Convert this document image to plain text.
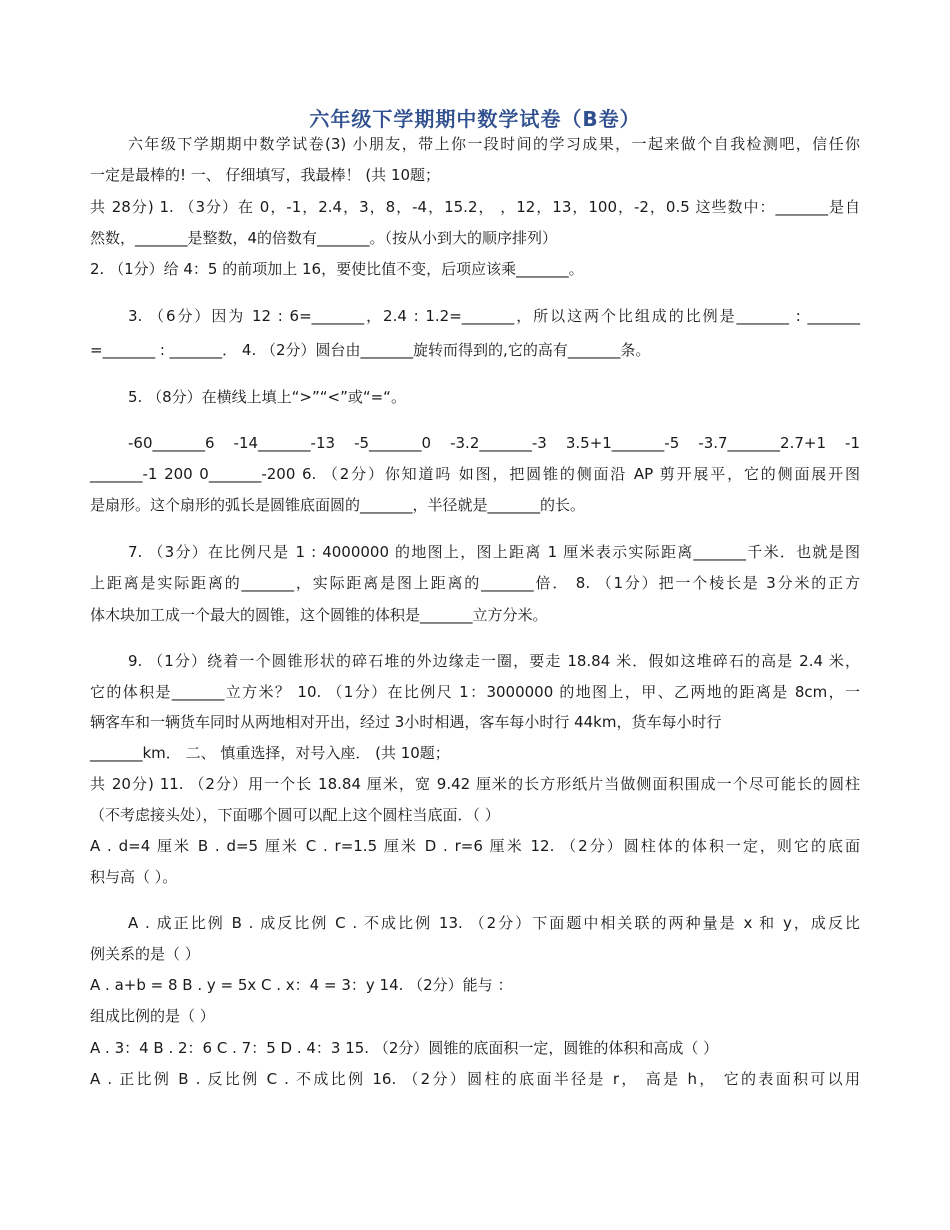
六年级下学期期中数学试卷（B卷）
六年级下学期期中数学试卷(3) 小朋友，带上你一段时间的学习成果，一起来做个自我检测吧，信任你
一定是最棒的! 一、 仔细填写，我最棒！ (共 10题；
共 28分) 1. （3分）在 0，-1，2.4，3，8，-4，15.2， ，12，13，100，-2，0.5 这些数中：_______是自
然数，_______是整数，4的倍数有_______。（按从小到大的顺序排列）
2. （1分）给 4：5 的前项加上 16，要使比值不变，后项应该乘_______。
3. （6分）因为 12 : 6=_______，2.4 : 1.2=_______，所以这两个比组成的比例是_______ : _______
=_______ : _______． 4. （2分）圆台由_______旋转而得到的,它的高有_______条。
5. （8分）在横线上填上“>”“<”或“=“。
-60_______6 -14_______-13 -5_______0 -3.2_______-3 3.5+1_______-5 -3.7_______2.7+1 -1
_______-1 200 0_______-200 6. （2分）你知道吗 如图，把圆锥的侧面沿 AP 剪开展平，它的侧面展开图
是扇形。这个扇形的弧长是圆锥底面圆的_______，半径就是_______的长。
7. （3分）在比例尺是 1 : 4000000 的地图上，图上距离 1 厘米表示实际距离_______千米．也就是图
上距离是实际距离的_______，实际距离是图上距离的_______倍． 8. （1分）把一个棱长是 3分米的正方
体木块加工成一个最大的圆锥，这个圆锥的体积是_______立方分米。
9. （1分）绕着一个圆锥形状的碎石堆的外边缘走一圈，要走 18.84 米．假如这堆碎石的高是 2.4 米，
它的体积是_______立方米？ 10. （1分）在比例尺 1：3000000 的地图上，甲、乙两地的距离是 8cm，一
辆客车和一辆货车同时从两地相对开出，经过 3小时相遇，客车每小时行 44km，货车每小时行
_______km． 二、 慎重选择，对号入座． (共 10题；
共 20分) 11. （2分）用一个长 18.84 厘米，宽 9.42 厘米的长方形纸片当做侧面积围成一个尽可能长的圆柱
（不考虑接头处），下面哪个圆可以配上这个圆柱当底面．（ ）
A . d=4 厘米 B . d=5 厘米 C . r=1.5 厘米 D . r=6 厘米 12. （2分）圆柱体的体积一定，则它的底面
积与高（ ）。
A . 成正比例 B . 成反比例 C . 不成比例 13. （2分）下面题中相关联的两种量是 x 和 y，成反比
例关系的是（ ）
A . a+b = 8 B . y = 5x C . x：4 = 3：y 14. （2分）能与 ：
组成比例的是（ ）
A . 3：4 B . 2：6 C . 7：5 D . 4：3 15. （2分）圆锥的底面积一定，圆锥的体积和高成（ ）
A . 正比例 B . 反比例 C . 不成比例 16. （2分）圆柱的底面半径是 r， 高是 h， 它的表面积可以用
